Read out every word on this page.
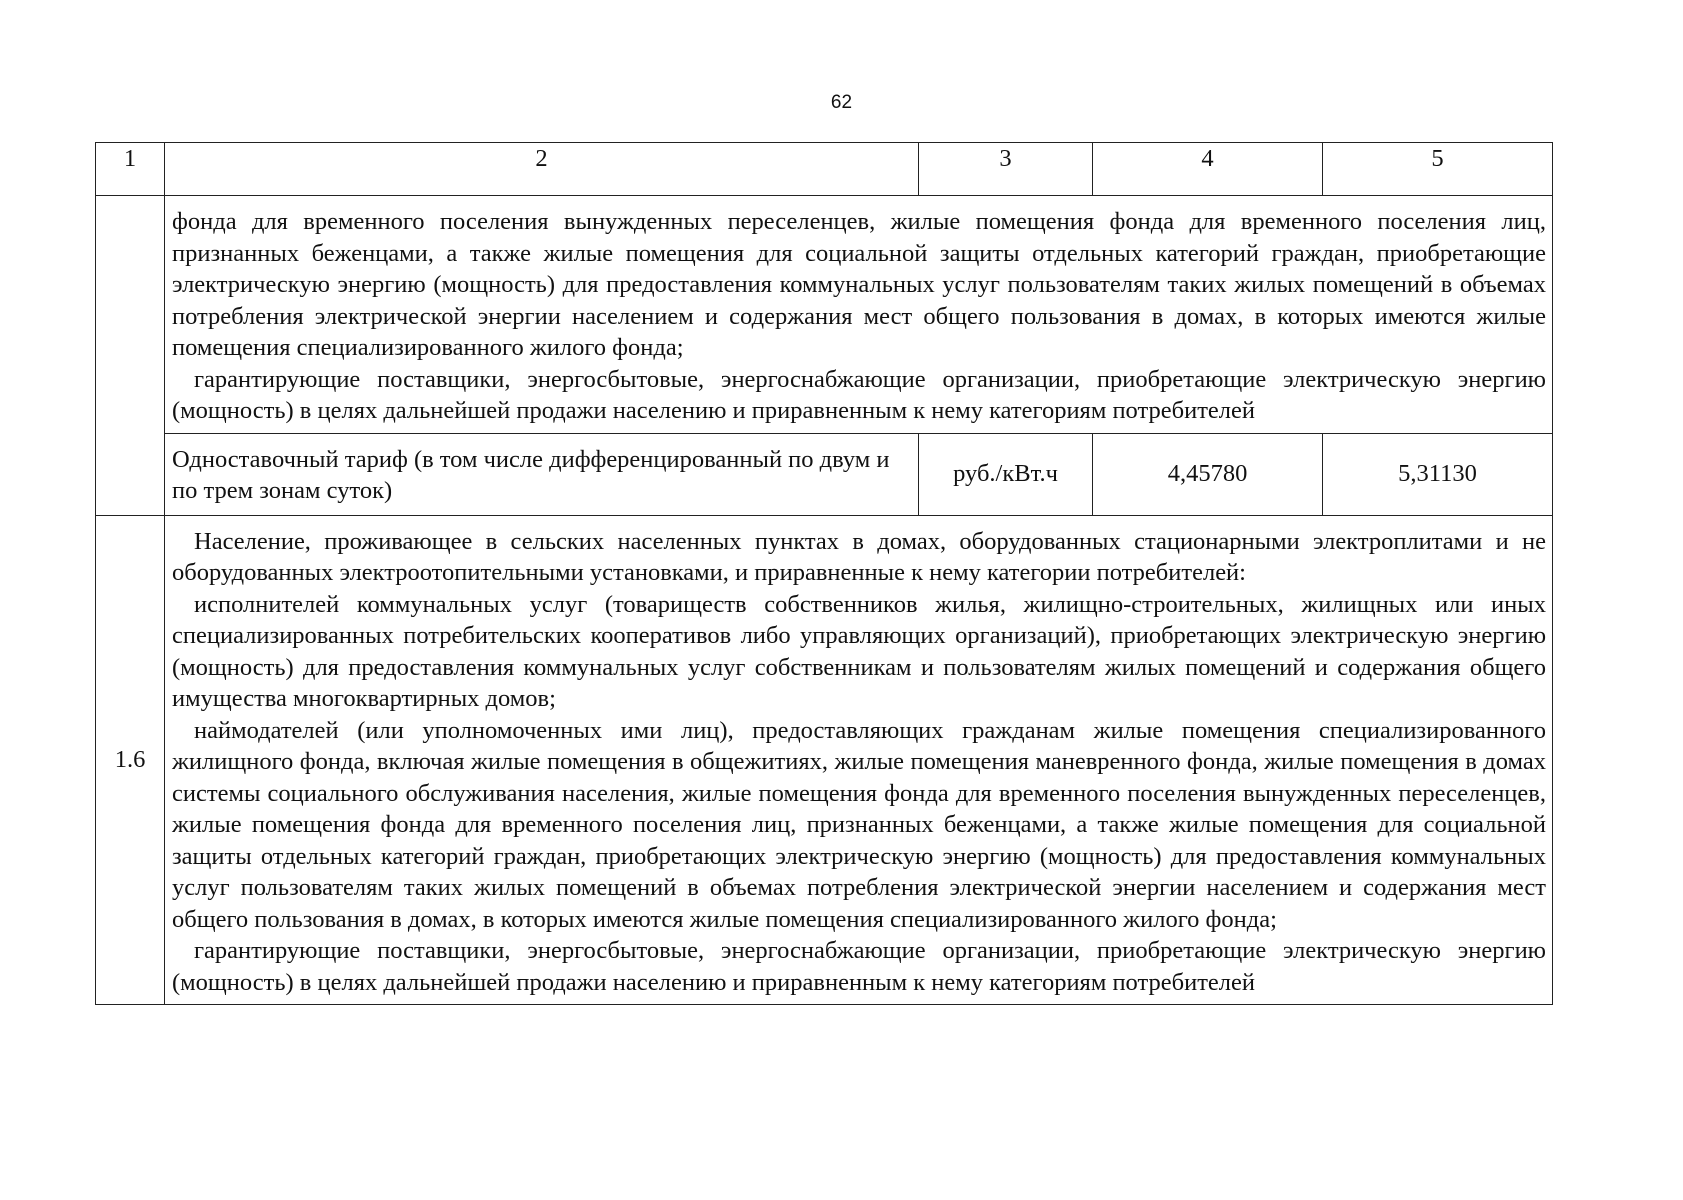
62
1	2	3	4	5

	фонда для временного поселения вынужденных переселенцев, жилые помещения фонда для временного поселения лиц, признанных беженцами, а также жилые помещения для социальной защиты отдельных категорий граждан, приобретающие электрическую энергию (мощность) для предоставления коммунальных услуг пользователям таких жилых помещений в объемах потребления электрической энергии населением и содержания мест общего пользования в домах, в которых имеются жилые помещения специализированного жилого фонда;

гарантирующие поставщики, энергосбытовые, энергоснабжающие организации, приобретающие электрическую энергию (мощность) в целях дальнейшей продажи населению и приравненным к нему категориям потребителей			

	Одноставочный тариф (в том числе дифференцированный по двум и по трем зонам суток)	руб./кВт.ч	4,45780	5,31130
1.6	Население, проживающее в сельских населенных пунктах в домах, оборудованных стационарными электроплитами и не оборудованных электроотопительными установками, и приравненные к нему категории потребителей:

исполнителей коммунальных услуг (товариществ собственников жилья, жилищно-строительных, жилищных или иных специализированных потребительских кооперативов либо управляющих организаций), приобретающих электрическую энергию (мощность) для предоставления коммунальных услуг собственникам и пользователям жилых помещений и содержания общего имущества многоквартирных домов;

наймодателей (или уполномоченных ими лиц), предоставляющих гражданам жилые помещения специализированного жилищного фонда, включая жилые помещения в общежитиях, жилые помещения маневренного фонда, жилые помещения в домах системы социального обслуживания населения, жилые помещения фонда для временного поселения вынужденных переселенцев, жилые помещения фонда для временного поселения лиц, признанных беженцами, а также жилые помещения для социальной защиты отдельных категорий граждан, приобретающих электрическую энергию (мощность) для предоставления коммунальных услуг пользователям таких жилых помещений в объемах потребления электрической энергии населением и содержания мест общего пользования в домах, в которых имеются жилые помещения специализированного жилого фонда;

гарантирующие поставщики, энергосбытовые, энергоснабжающие организации, приобретающие электрическую энергию (мощность) в целях дальнейшей продажи населению и приравненным к нему категориям потребителей			
